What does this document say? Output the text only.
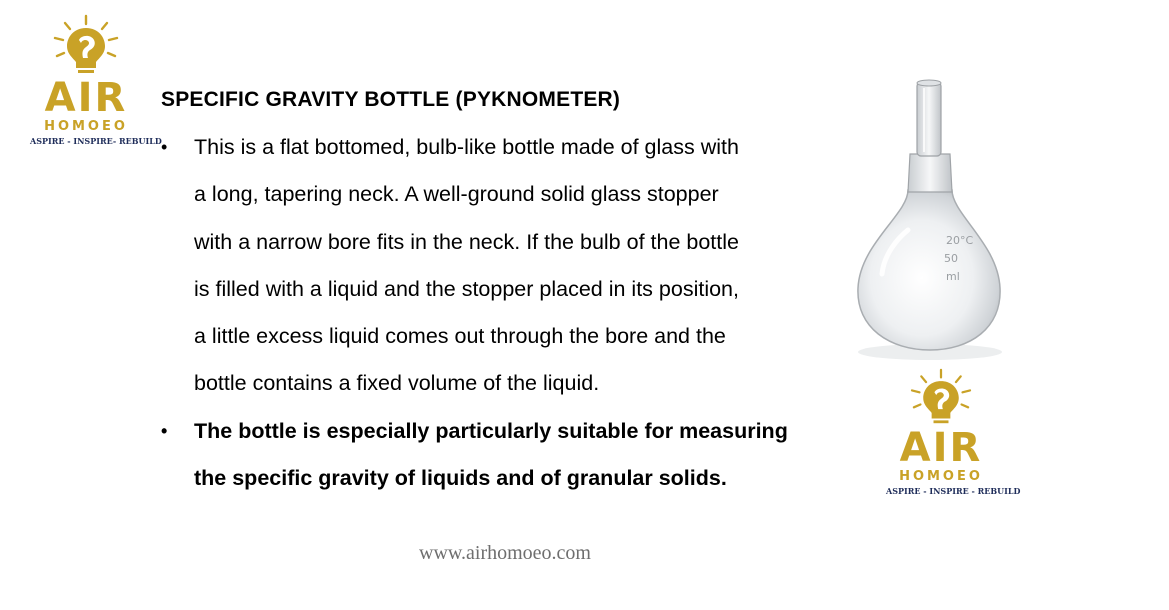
AIR
HOMOEO
ASPIRE - INSPIRE- REBUILD
SPECIFIC GRAVITY BOTTLE (PYKNOMETER)
• This is a flat bottomed, bulb-like bottle made of glass with
a long, tapering neck. A well-ground solid glass stopper
with a narrow bore fits in the neck. If the bulb of the bottle
is filled with a liquid and the stopper placed in its position,
a little excess liquid comes out through the bore and the
bottle contains a fixed volume of the liquid.
• The bottle is especially particularly suitable for measuring
the specific gravity of liquids and of granular solids.
20°C
50
ml
AIR
HOMOEO
ASPIRE - INSPIRE - REBUILD
www.airhomoeo.com
